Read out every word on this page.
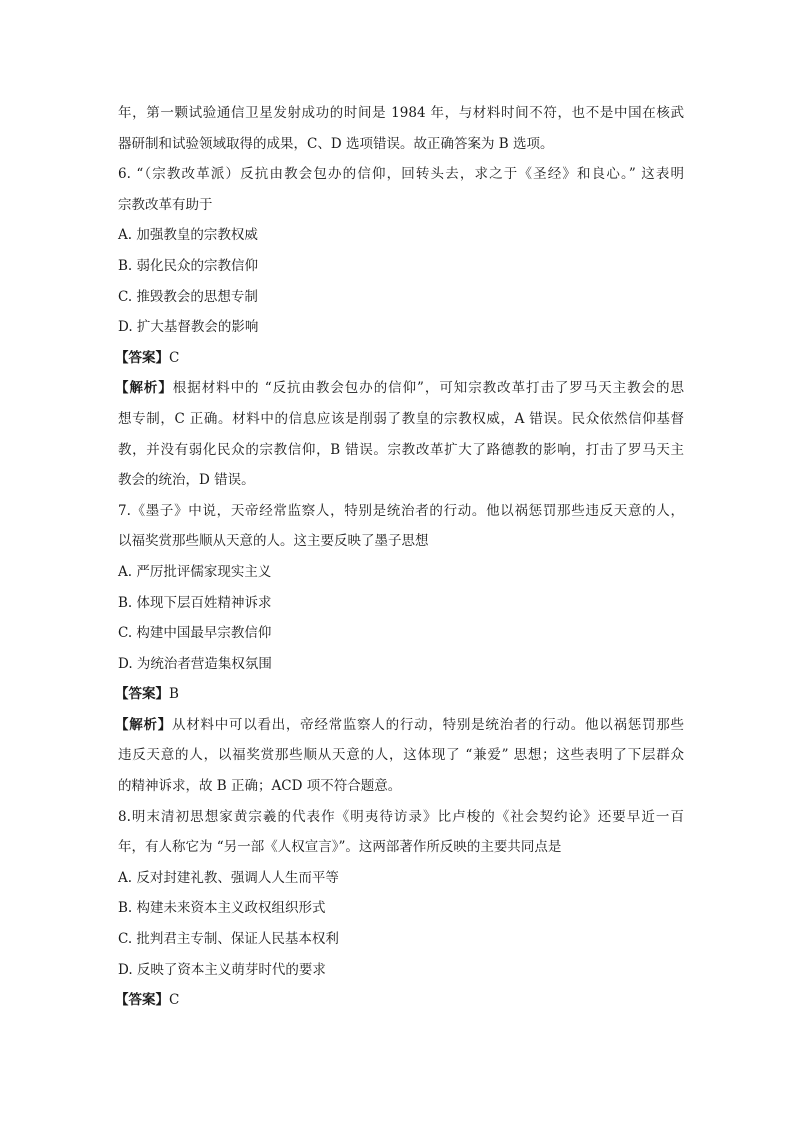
年，第一颗试验通信卫星发射成功的时间是 1984 年，与材料时间不符，也不是中国在核武
器研制和试验领域取得的成果，C、D 选项错误。故正确答案为 B 选项。
6. “（宗教改革派）反抗由教会包办的信仰，回转头去，求之于《圣经》和良心。” 这表明
宗教改革有助于
A. 加强教皇的宗教权威
B. 弱化民众的宗教信仰
C. 推毁教会的思想专制
D. 扩大基督教会的影响
【答案】C
【解析】根据材料中的 “反抗由教会包办的信仰”，可知宗教改革打击了罗马天主教会的思
想专制，C 正确。材料中的信息应该是削弱了教皇的宗教权威，A 错误。民众依然信仰基督
教，并没有弱化民众的宗教信仰，B 错误。宗教改革扩大了路德教的影响，打击了罗马天主
教会的统治，D 错误。
7.《墨子》中说，天帝经常监察人，特别是统治者的行动。他以祸惩罚那些违反天意的人，
以福奖赏那些顺从天意的人。这主要反映了墨子思想
A. 严厉批评儒家现实主义
B. 体现下层百姓精神诉求
C. 构建中国最早宗教信仰
D. 为统治者营造集权氛围
【答案】B
【解析】从材料中可以看出，帝经常监察人的行动，特别是统治者的行动。他以祸惩罚那些
违反天意的人，以福奖赏那些顺从天意的人，这体现了 “兼爱” 思想；这些表明了下层群众
的精神诉求，故 B 正确；ACD 项不符合题意。
8.明末清初思想家黄宗羲的代表作《明夷待访录》比卢梭的《社会契约论》还要早近一百
年，有人称它为 “另一部《人权宣言》”。这两部著作所反映的主要共同点是
A. 反对封建礼教、强调人人生而平等
B. 构建未来资本主义政权组织形式
C. 批判君主专制、保证人民基本权利
D. 反映了资本主义萌芽时代的要求
【答案】C
